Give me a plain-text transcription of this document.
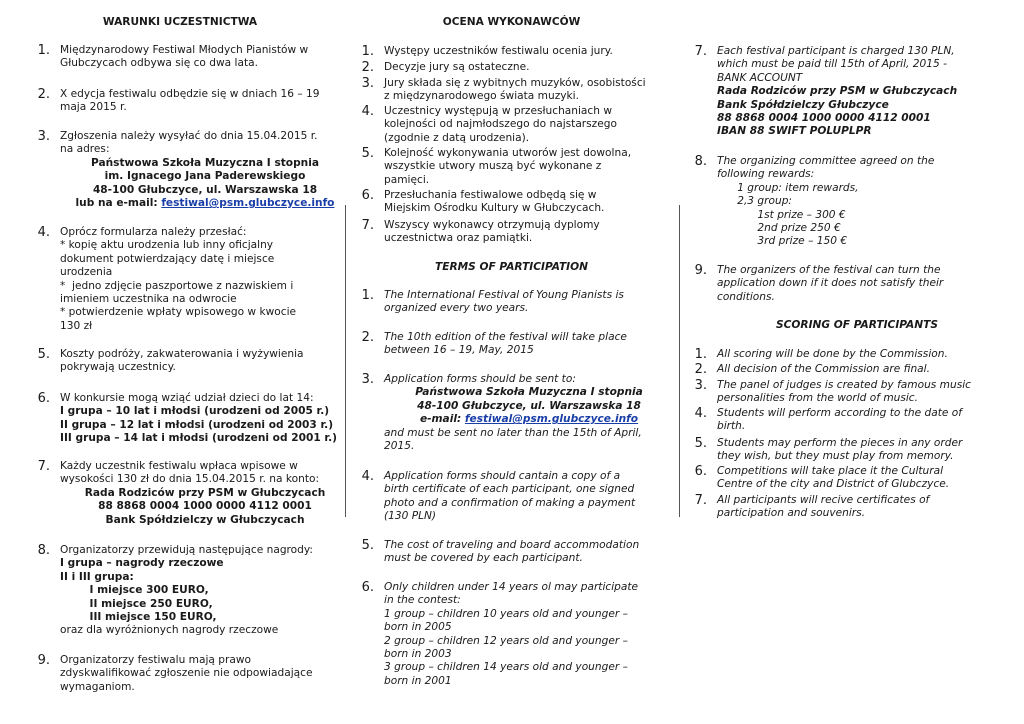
WARUNKI UCZESTNICTWA
1. Międzynarodowy Festiwal Młodych Pianistów w
Głubczycach odbywa się co dwa lata.
2. X edycja festiwalu odbędzie się w dniach 16 – 19
maja 2015 r.
3. Zgłoszenia należy wysyłać do dnia 15.04.2015 r.
na adres:
Państwowa Szkoła Muzyczna I stopnia
im. Ignacego Jana Paderewskiego
48-100 Głubczyce, ul. Warszawska 18
lub na e-mail: festiwal@psm.glubczyce.info
4. Oprócz formularza należy przesłać:
* kopię aktu urodzenia lub inny oficjalny
dokument potwierdzający datę i miejsce
urodzenia
*  jedno zdjęcie paszportowe z nazwiskiem i
imieniem uczestnika na odwrocie
* potwierdzenie wpłaty wpisowego w kwocie
130 zł
5. Koszty podróży, zakwaterowania i wyżywienia
pokrywają uczestnicy.
6. W konkursie mogą wziąć udział dzieci do lat 14:
I grupa – 10 lat i młodsi (urodzeni od 2005 r.)
II grupa – 12 lat i młodsi (urodzeni od 2003 r.)
III grupa – 14 lat i młodsi (urodzeni od 2001 r.)
7. Każdy uczestnik festiwalu wpłaca wpisowe w
wysokości 130 zł do dnia 15.04.2015 r. na konto:
Rada Rodziców przy PSM w Głubczycach
88 8868 0004 1000 0000 4112 0001
Bank Spółdzielczy w Głubczycach
8. Organizatorzy przewidują następujące nagrody:
I grupa – nagrody rzeczowe
II i III grupa:
I miejsce 300 EURO,
II miejsce 250 EURO,
III miejsce 150 EURO,
oraz dla wyróżnionych nagrody rzeczowe
9. Organizatorzy festiwalu mają prawo
zdyskwalifikować zgłoszenie nie odpowiadające
wymaganiom.
OCENA WYKONAWCÓW
1. Występy uczestników festiwalu ocenia jury.
2. Decyzje jury są ostateczne.
3. Jury składa się z wybitnych muzyków, osobistości
z międzynarodowego świata muzyki.
4. Uczestnicy występują w przesłuchaniach w
kolejności od najmłodszego do najstarszego
(zgodnie z datą urodzenia).
5. Kolejność wykonywania utworów jest dowolna,
wszystkie utwory muszą być wykonane z
pamięci.
6. Przesłuchania festiwalowe odbędą się w
Miejskim Ośrodku Kultury w Głubczycach.
7. Wszyscy wykonawcy otrzymują dyplomy
uczestnictwa oraz pamiątki.
TERMS OF PARTICIPATION
1. The International Festival of Young Pianists is
organized every two years.
2. The 10th edition of the festival will take place
between 16 – 19, May, 2015
3. Application forms should be sent to:
Państwowa Szkoła Muzyczna I stopnia
48-100 Głubczyce, ul. Warszawska 18
e-mail: festiwal@psm.glubczyce.info
and must be sent no later than the 15th of April,
2015.
4. Application forms should cantain a copy of a
birth certificate of each participant, one signed
photo and a confirmation of making a payment
(130 PLN)
5. The cost of traveling and board accommodation
must be covered by each participant.
6. Only children under 14 years ol may participate
in the contest:
1 group – children 10 years old and younger –
born in 2005
2 group – children 12 years old and younger –
born in 2003
3 group – children 14 years old and younger –
born in 2001
7. Each festival participant is charged 130 PLN,
which must be paid till 15th of April, 2015 -
BANK ACCOUNT
Rada Rodziców przy PSM w Głubczycach
Bank Spółdzielczy Głubczyce
88 8868 0004 1000 0000 4112 0001
IBAN 88 SWIFT POLUPLPR
8. The organizing committee agreed on the
following rewards:
1 group: item rewards,
2,3 group:
1st prize – 300 €
2nd prize 250 €
3rd prize – 150 €
9. The organizers of the festival can turn the
application down if it does not satisfy their
conditions.
SCORING OF PARTICIPANTS
1. All scoring will be done by the Commission.
2. All decision of the Commission are final.
3. The panel of judges is created by famous music
personalities from the world of music.
4. Students will perform according to the date of
birth.
5. Students may perform the pieces in any order
they wish, but they must play from memory.
6. Competitions will take place it the Cultural
Centre of the city and District of Glubczyce.
7. All participants will recive certificates of
participation and souvenirs.
